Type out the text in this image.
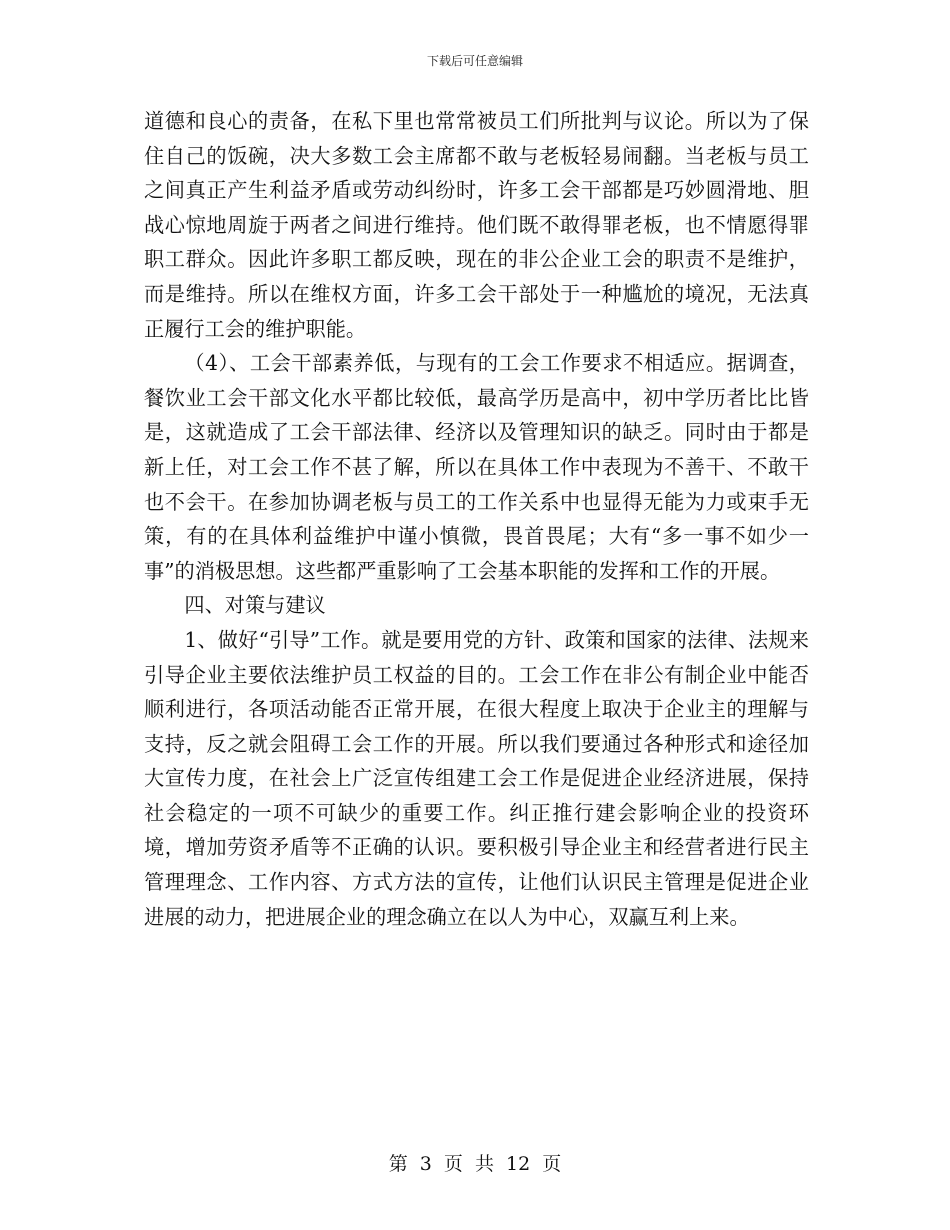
下载后可任意编辑

道德和良心的责备，在私下里也常常被员工们所批判与议论。所以为了保住自己的饭碗，决大多数工会主席都不敢与老板轻易闹翻。当老板与员工之间真正产生利益矛盾或劳动纠纷时，许多工会干部都是巧妙圆滑地、胆战心惊地周旋于两者之间进行维持。他们既不敢得罪老板，也不情愿得罪职工群众。因此许多职工都反映，现在的非公企业工会的职责不是维护，而是维持。所以在维权方面，许多工会干部处于一种尴尬的境况，无法真正履行工会的维护职能。

（4）、工会干部素养低，与现有的工会工作要求不相适应。据调查，餐饮业工会干部文化水平都比较低，最高学历是高中，初中学历者比比皆是，这就造成了工会干部法律、经济以及管理知识的缺乏。同时由于都是新上任，对工会工作不甚了解，所以在具体工作中表现为不善干、不敢干也不会干。在参加协调老板与员工的工作关系中也显得无能为力或束手无策，有的在具体利益维护中谨小慎微，畏首畏尾；大有“多一事不如少一事”的消极思想。这些都严重影响了工会基本职能的发挥和工作的开展。

四、对策与建议

1、做好“引导”工作。就是要用党的方针、政策和国家的法律、法规来引导企业主要依法维护员工权益的目的。工会工作在非公有制企业中能否顺利进行，各项活动能否正常开展，在很大程度上取决于企业主的理解与支持，反之就会阻碍工会工作的开展。所以我们要通过各种形式和途径加大宣传力度，在社会上广泛宣传组建工会工作是促进企业经济进展，保持社会稳定的一项不可缺少的重要工作。纠正推行建会影响企业的投资环境，增加劳资矛盾等不正确的认识。要积极引导企业主和经营者进行民主管理理念、工作内容、方式方法的宣传，让他们认识民主管理是促进企业进展的动力，把进展企业的理念确立在以人为中心，双赢互利上来。

第 3 页 共 12 页
